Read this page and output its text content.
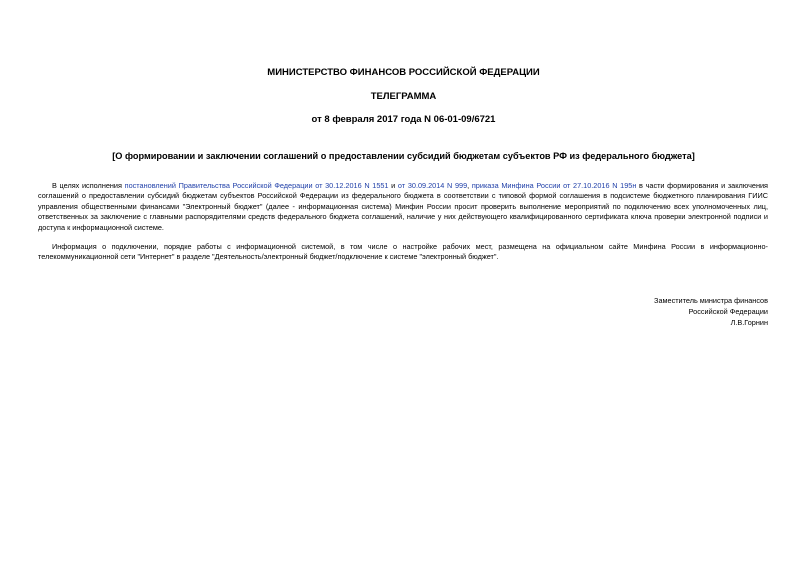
МИНИСТЕРСТВО ФИНАНСОВ РОССИЙСКОЙ ФЕДЕРАЦИИ
ТЕЛЕГРАММА
от 8 февраля 2017 года N 06-01-09/6721
[О формировании и заключении соглашений о предоставлении субсидий бюджетам субъектов РФ из федерального бюджета]
В целях исполнения постановлений Правительства Российской Федерации от 30.12.2016 N 1551 и от 30.09.2014 N 999, приказа Минфина России от 27.10.2016 N 195н в части формирования и заключения соглашений о предоставлении субсидий бюджетам субъектов Российской Федерации из федерального бюджета в соответствии с типовой формой соглашения в подсистеме бюджетного планирования ГИИС управления общественными финансами "Электронный бюджет" (далее - информационная система) Минфин России просит проверить выполнение мероприятий по подключению всех уполномоченных лиц, ответственных за заключение с главными распорядителями средств федерального бюджета соглашений, наличие у них действующего квалифицированного сертификата ключа проверки электронной подписи и доступа к информационной системе.
Информация о подключении, порядке работы с информационной системой, в том числе о настройке рабочих мест, размещена на официальном сайте Минфина России в информационно-телекоммуникационной сети "Интернет" в разделе "Деятельность/электронный бюджет/подключение к системе "электронный бюджет".
Заместитель министра финансов
Российской Федерации
Л.В.Горнин
